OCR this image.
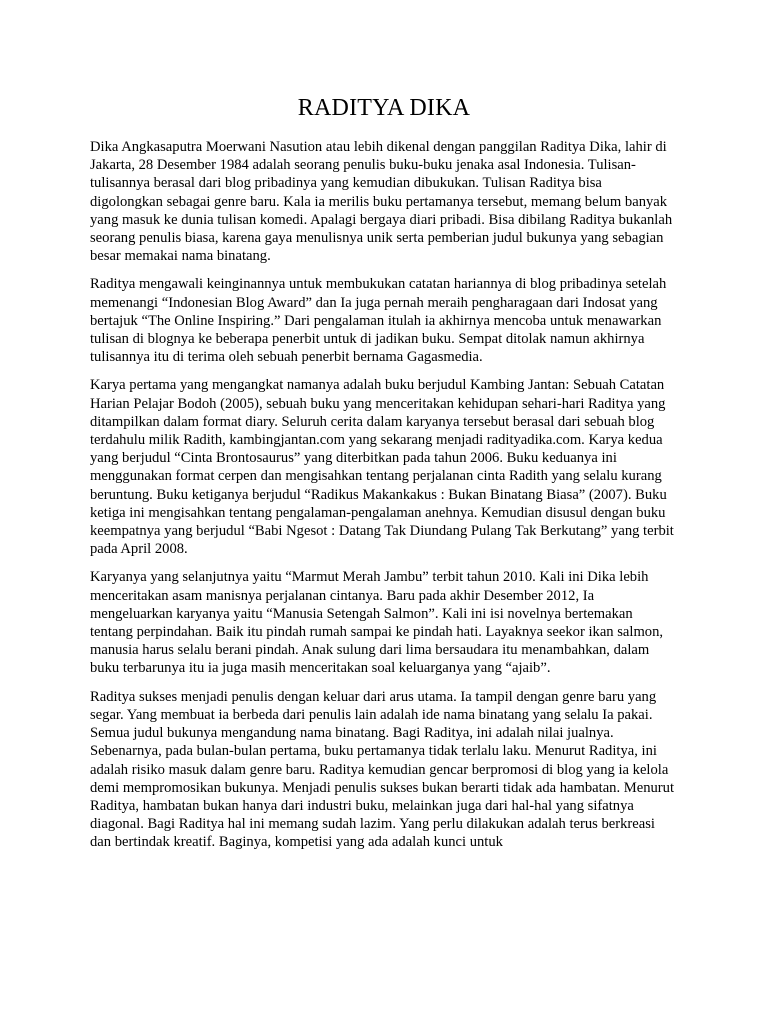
RADITYA DIKA

Dika Angkasaputra Moerwani Nasution atau lebih dikenal dengan panggilan Raditya Dika, lahir di Jakarta, 28 Desember 1984 adalah seorang penulis buku-buku jenaka asal Indonesia. Tulisan-tulisannya berasal dari blog pribadinya yang kemudian dibukukan. Tulisan Raditya bisa digolongkan sebagai genre baru. Kala ia merilis buku pertamanya tersebut, memang belum banyak yang masuk ke dunia tulisan komedi. Apalagi bergaya diari pribadi. Bisa dibilang Raditya bukanlah seorang penulis biasa, karena gaya menulisnya unik serta pemberian judul bukunya yang sebagian besar memakai nama binatang.

Raditya mengawali keinginannya untuk membukukan catatan hariannya di blog pribadinya setelah memenangi “Indonesian Blog Award” dan Ia juga pernah meraih pengharagaan dari Indosat yang bertajuk “The Online Inspiring.” Dari pengalaman itulah ia akhirnya mencoba untuk menawarkan tulisan di blognya ke beberapa penerbit untuk di jadikan buku. Sempat ditolak namun akhirnya tulisannya itu di terima oleh sebuah penerbit bernama Gagasmedia.

Karya pertama yang mengangkat namanya adalah buku berjudul Kambing Jantan: Sebuah Catatan Harian Pelajar Bodoh (2005), sebuah buku yang menceritakan kehidupan sehari-hari Raditya yang ditampilkan dalam format diary. Seluruh cerita dalam karyanya tersebut berasal dari sebuah blog terdahulu milik Radith, kambingjantan.com yang sekarang menjadi radityadika.com. Karya kedua yang berjudul “Cinta Brontosaurus” yang diterbitkan pada tahun 2006. Buku keduanya ini menggunakan format cerpen dan mengisahkan tentang perjalanan cinta Radith yang selalu kurang beruntung. Buku ketiganya berjudul “Radikus Makankakus : Bukan Binatang Biasa” (2007). Buku ketiga ini mengisahkan tentang pengalaman-pengalaman anehnya. Kemudian disusul dengan buku keempatnya yang berjudul “Babi Ngesot : Datang Tak Diundang Pulang Tak Berkutang” yang terbit pada April 2008.

Karyanya yang selanjutnya yaitu “Marmut Merah Jambu” terbit tahun 2010. Kali ini Dika lebih menceritakan asam manisnya perjalanan cintanya. Baru pada akhir Desember 2012, Ia mengeluarkan karyanya yaitu “Manusia Setengah Salmon”. Kali ini isi novelnya bertemakan tentang perpindahan. Baik itu pindah rumah sampai ke pindah hati. Layaknya seekor ikan salmon, manusia harus selalu berani pindah. Anak sulung dari lima bersaudara itu menambahkan, dalam buku terbarunya itu ia juga masih menceritakan soal keluarganya yang “ajaib”.

Raditya sukses menjadi penulis dengan keluar dari arus utama. Ia tampil dengan genre baru yang segar. Yang membuat ia berbeda dari penulis lain adalah ide nama binatang yang selalu Ia pakai. Semua judul bukunya mengandung nama binatang. Bagi Raditya, ini adalah nilai jualnya. Sebenarnya, pada bulan-bulan pertama, buku pertamanya tidak terlalu laku. Menurut Raditya, ini adalah risiko masuk dalam genre baru. Raditya kemudian gencar berpromosi di blog yang ia kelola demi mempromosikan bukunya. Menjadi penulis sukses bukan berarti tidak ada hambatan. Menurut Raditya, hambatan bukan hanya dari industri buku, melainkan juga dari hal-hal yang sifatnya diagonal. Bagi Raditya hal ini memang sudah lazim. Yang perlu dilakukan adalah terus berkreasi dan bertindak kreatif. Baginya, kompetisi yang ada adalah kunci untuk
